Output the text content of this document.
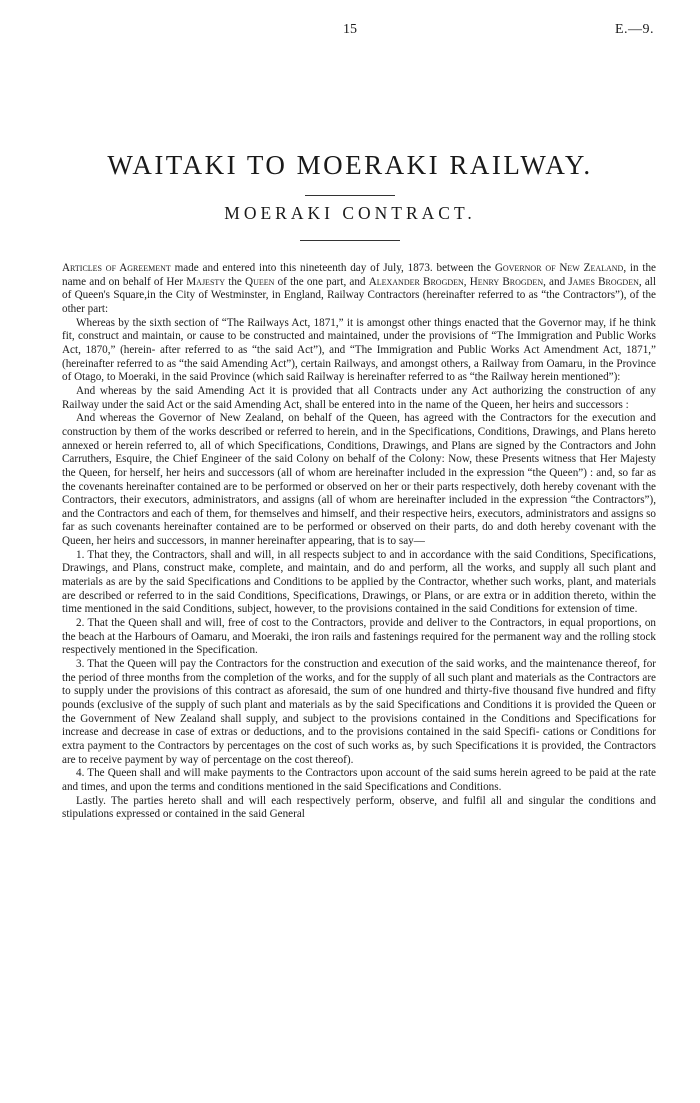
15	E.—9.
WAITAKI TO MOERAKI RAILWAY.
MOERAKI CONTRACT.

Articles of Agreement made and entered into this nineteenth day of July, 1873. between the Governor of New Zealand, in the name and on behalf of Her Majesty the Queen of the one part, and Alexander Brogden, Henry Brogden, and James Brogden, all of Queen's Square,in the City of Westminster, in England, Railway Contractors (hereinafter referred to as “the Contractors”), of the other part:

Whereas by the sixth section of “The Railways Act, 1871,” it is amongst other things enacted that the Governor may, if he think fit, construct and maintain, or cause to be constructed and maintained, under the provisions of “The Immigration and Public Works Act, 1870,” (herein- after referred to as “the said Act”), and “The Immigration and Public Works Act Amendment Act, 1871,” (hereinafter referred to as “the said Amending Act”), certain Railways, and amongst others, a Railway from Oamaru, in the Province of Otago, to Moeraki, in the said Province (which said Railway is hereinafter referred to as “the Railway herein mentioned”):

And whereas by the said Amending Act it is provided that all Contracts under any Act authorizing the construction of any Railway under the said Act or the said Amending Act, shall be entered into in the name of the Queen, her heirs and successors :

And whereas the Governor of New Zealand, on behalf of the Queen, has agreed with the Contractors for the execution and construction by them of the works described or referred to herein, and in the Specifications, Conditions, Drawings, and Plans hereto annexed or herein referred to, all of which Specifications, Conditions, Drawings, and Plans are signed by the Contractors and John Carruthers, Esquire, the Chief Engineer of the said Colony on behalf of the Colony: Now, these Presents witness that Her Majesty the Queen, for herself, her heirs and successors (all of whom are hereinafter included in the expression “the Queen”) : and, so far as the covenants hereinafter contained are to be performed or observed on her or their parts respectively, doth hereby covenant with the Contractors, their executors, administrators, and assigns (all of whom are hereinafter included in the expression “the Contractors”), and the Contractors and each of them, for themselves and himself, and their respective heirs, executors, administrators and assigns so far as such covenants hereinafter contained are to be performed or observed on their parts, do and doth hereby covenant with the Queen, her heirs and successors, in manner hereinafter appearing, that is to say—

1. That they, the Contractors, shall and will, in all respects subject to and in accordance with the said Conditions, Specifications, Drawings, and Plans, construct make, complete, and maintain, and do and perform, all the works, and supply all such plant and materials as are by the said Specifications and Conditions to be applied by the Contractor, whether such works, plant, and materials are described or referred to in the said Conditions, Specifications, Drawings, or Plans, or are extra or in addition thereto, within the time mentioned in the said Conditions, subject, however, to the provisions contained in the said Conditions for extension of time.

2. That the Queen shall and will, free of cost to the Contractors, provide and deliver to the Contractors, in equal proportions, on the beach at the Harbours of Oamaru, and Moeraki, the iron rails and fastenings required for the permanent way and the rolling stock respectively mentioned in the Specification.

3. That the Queen will pay the Contractors for the construction and execution of the said works, and the maintenance thereof, for the period of three months from the completion of the works, and for the supply of all such plant and materials as the Contractors are to supply under the provisions of this contract as aforesaid, the sum of one hundred and thirty-five thousand five hundred and fifty pounds (exclusive of the supply of such plant and materials as by the said Specifications and Conditions it is provided the Queen or the Government of New Zealand shall supply, and subject to the provisions contained in the Conditions and Specifications for increase and decrease in case of extras or deductions, and to the provisions contained in the said Specifi- cations or Conditions for extra payment to the Contractors by percentages on the cost of such works as, by such Specifications it is provided, the Contractors are to receive payment by way of percentage on the cost thereof).

4. The Queen shall and will make payments to the Contractors upon account of the said sums herein agreed to be paid at the rate and times, and upon the terms and conditions mentioned in the said Specifications and Conditions.

Lastly. The parties hereto shall and will each respectively perform, observe, and fulfil all and singular the conditions and stipulations expressed or contained in the said General
